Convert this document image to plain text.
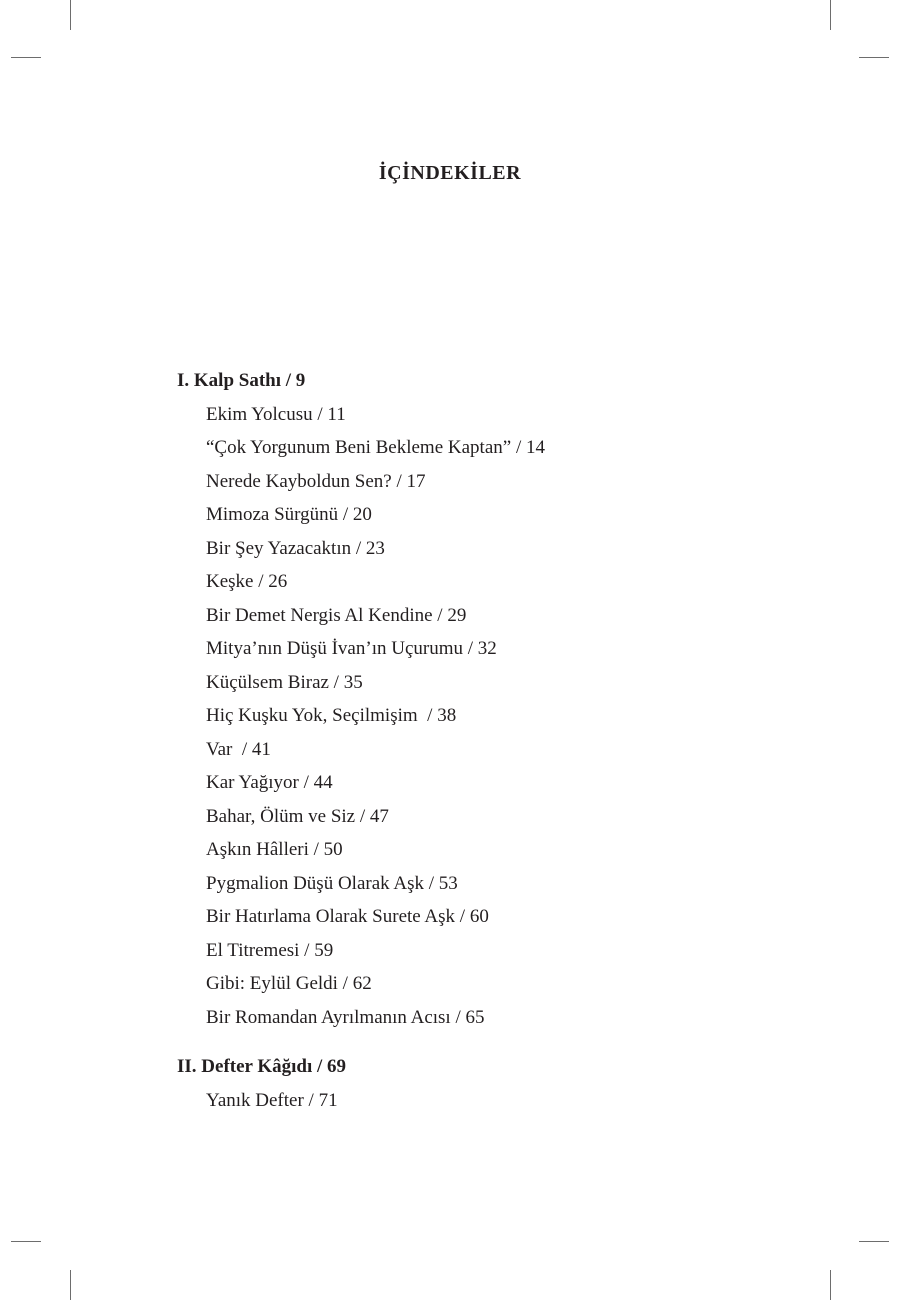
İÇİNDEKİLER

I. Kalp Sathı / 9

Ekim Yolcusu / 11
“Çok Yorgunum Beni Bekleme Kaptan” / 14
Nerede Kayboldun Sen? / 17
Mimoza Sürgünü / 20
Bir Şey Yazacaktın / 23
Keşke / 26
Bir Demet Nergis Al Kendine / 29
Mitya’nın Düşü İvan’ın Uçurumu / 32
Küçülsem Biraz / 35
Hiç Kuşku Yok, Seçilmişim  / 38
Var  / 41
Kar Yağıyor / 44
Bahar, Ölüm ve Siz / 47
Aşkın Hâlleri / 50
Pygmalion Düşü Olarak Aşk / 53
Bir Hatırlama Olarak Surete Aşk / 60
El Titremesi / 59
Gibi: Eylül Geldi / 62
Bir Romandan Ayrılmanın Acısı / 65

II. Defter Kâğıdı / 69

Yanık Defter / 71
